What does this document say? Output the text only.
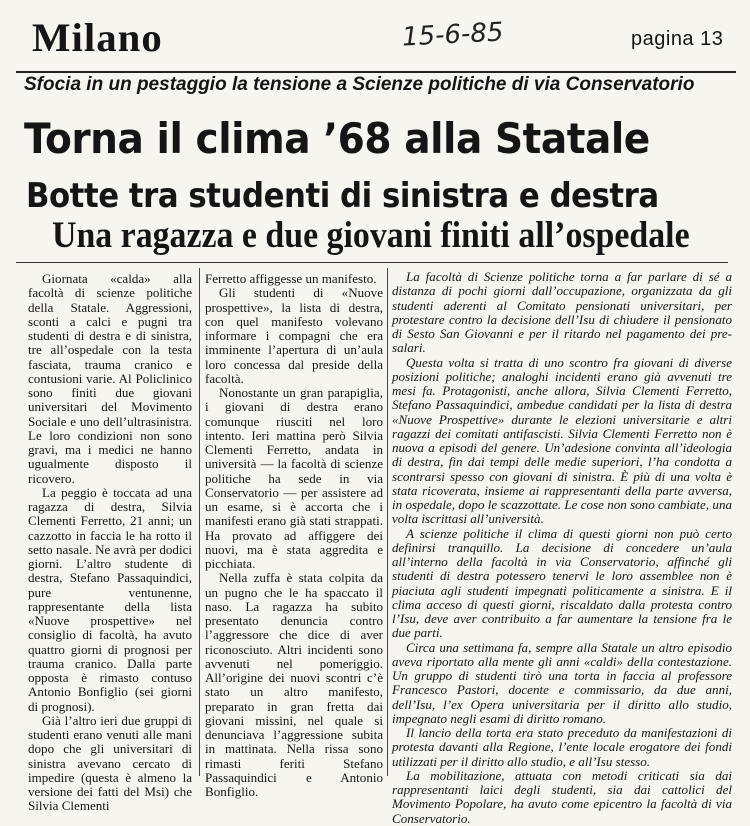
Milano	15-6-85	pagina 13
Sfocia in un pestaggio la tensione a Scienze politiche di via Conservatorio
Torna il clima ’68 alla Statale
Botte tra studenti di sinistra e destra
Una ragazza e due giovani finiti all’ospedale

Giornata «calda» alla facoltà di scienze politiche della Statale. Aggressioni, sconti a calci e pugni tra studenti di destra e di sinistra, tre all’ospedale con la testa fasciata, trauma cranico e contusioni varie. Al Policlinico sono finiti due giovani universitari del Movimento Sociale e uno dell’ultrasinistra. Le loro condizioni non sono gravi, ma i medici ne hanno ugualmente disposto il ricovero.

La peggio è toccata ad una ragazza di destra, Silvia Clementi Ferretto, 21 anni; un cazzotto in faccia le ha rotto il setto nasale. Ne avrà per dodici giorni. L’altro studente di destra, Stefano Passaquindici, pure ventunenne, rappresentante della lista «Nuove prospettive» nel consiglio di facoltà, ha avuto quattro giorni di prognosi per trauma cranico. Dalla parte opposta è rimasto contuso Antonio Bonfiglio (sei giorni di prognosi).

Già l’altro ieri due gruppi di studenti erano venuti alle mani dopo che gli universitari di sinistra avevano cercato di impedire (questa è almeno la versione dei fatti del Msi) che Silvia Clementi

Ferretto affiggesse un manifesto.

Gli studenti di «Nuove prospettive», la lista di destra, con quel manifesto volevano informare i compagni che era imminente l’apertura di un’aula loro concessa dal preside della facoltà.

Nonostante un gran parapiglia, i giovani di destra erano comunque riusciti nel loro intento. Ieri mattina però Silvia Clementi Ferretto, andata in università — la facoltà di scienze politiche ha sede in via Conservatorio — per assistere ad un esame, si è accorta che i manifesti erano già stati strappati. Ha provato ad affiggere dei nuovi, ma è stata aggredita e picchiata.

Nella zuffa è stata colpita da un pugno che le ha spaccato il naso. La ragazza ha subito presentato denuncia contro l’aggressore che dice di aver riconosciuto. Altri incidenti sono avvenuti nel pomeriggio. All’origine dei nuovi scontri c’è stato un altro manifesto, preparato in gran fretta dai giovani missini, nel quale si denunciava l’aggressione subita in mattinata. Nella rissa sono rimasti feriti Stefano Passaquindici e Antonio Bonfiglio.

La facoltà di Scienze politiche torna a far parlare di sé a distanza di pochi giorni dall’occupazione, organizzata da gli studenti aderenti al Comitato pensionati universitari, per protestare contro la decisione dell’Isu di chiudere il pensionato di Sesto San Giovanni e per il ritardo nel pagamento dei pre-salari.

Questa volta si tratta di uno scontro fra giovani di diverse posizioni politiche; analoghi incidenti erano già avvenuti tre mesi fa. Protagonisti, anche allora, Silvia Clementi Ferretto, Stefano Passaquindici, ambedue candidati per la lista di destra «Nuove Prospettive» durante le elezioni universitarie e altri ragazzi dei comitati antifascisti. Silvia Clementi Ferretto non è nuova a episodi del genere. Un’adesione convinta all’ideologia di destra, fin dai tempi delle medie superiori, l’ha condotta a scontrarsi spesso con giovani di sinistra. È più di una volta è stata ricoverata, insieme ai rappresentanti della parte avversa, in ospedale, dopo le scazzottate. Le cose non sono cambiate, una volta iscrittasi all’università.

A scienze politiche il clima di questi giorni non può certo definirsi tranquillo. La decisione di concedere un’aula all’interno della facoltà in via Conservatorio, affinché gli studenti di destra potessero tenervi le loro assemblee non è piaciuta agli studenti impegnati politicamente a sinistra. E il clima acceso di questi giorni, riscaldato dalla protesta contro l’Isu, deve aver contribuito a far aumentare la tensione fra le due parti.

Circa una settimana fa, sempre alla Statale un altro episodio aveva riportato alla mente gli anni «caldi» della contestazione. Un gruppo di studenti tirò una torta in faccia al professore Francesco Pastori, docente e commissario, da due anni, dell’Isu, l’ex Opera universitaria per il diritto allo studio, impegnato negli esami di diritto romano.

Il lancio della torta era stato preceduto da manifestazioni di protesta davanti alla Regione, l’ente locale erogatore dei fondi utilizzati per il diritto allo studio, e all’Isu stesso.

La mobilitazione, attuata con metodi criticati sia dai rappresentanti laici degli studenti, sia dai cattolici del Movimento Popolare, ha avuto come epicentro la facoltà di via Conservatorio.
